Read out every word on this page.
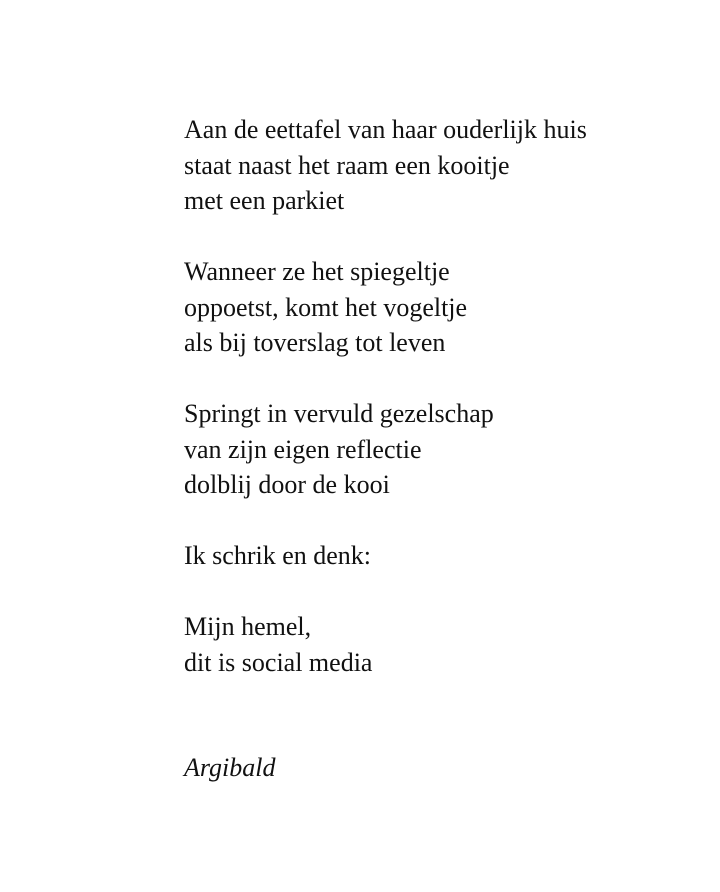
Aan de eettafel van haar ouderlijk huis
staat naast het raam een kooitje
met een parkiet
Wanneer ze het spiegeltje
oppoetst, komt het vogeltje
als bij toverslag tot leven
Springt in vervuld gezelschap
van zijn eigen reflectie
dolblij door de kooi
Ik schrik en denk:
Mijn hemel,
dit is social media
Argibald
